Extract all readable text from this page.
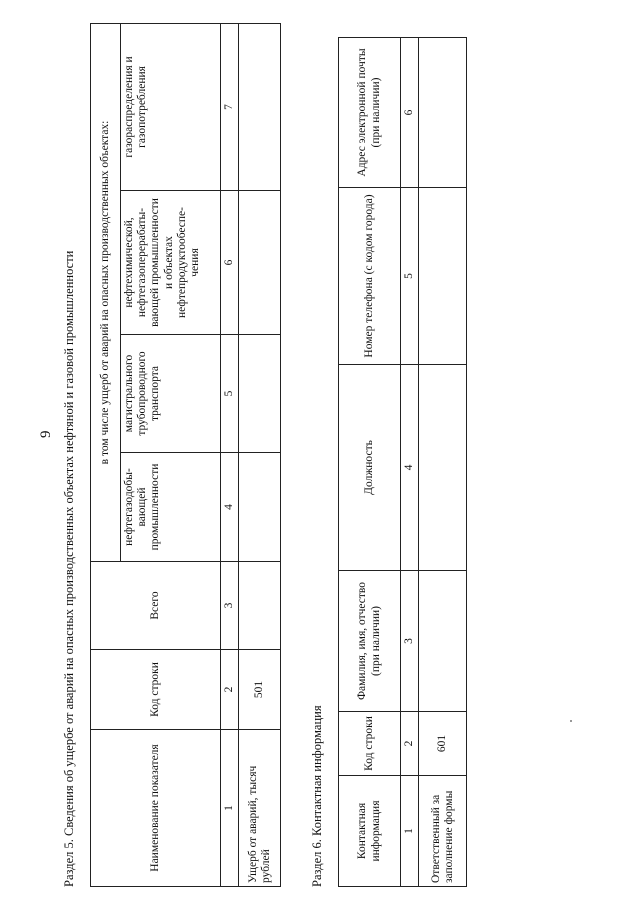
9 Раздел 5. Сведения об ущербе от аварий на опасных производственных объектах нефтяной и газовой промышленности	Наименование показателя	Код строки	Всего	в том числе ущерб от аварий на опасных производственных объектах:			
			нефтегазодобы- вающей промышленности	магистрального трубопроводного транспорта	нефтехимической, нефтегазоперерабаты- вающей промышленности и объектах нефтепродуктообеспе- чения	газораспределения и газопотребления
1	2	3	4	5	6	7
Ущерб от аварий, тысяч рублей	501					
Раздел 6. Контактная информация	Контактная информация	Код строки	Фамилия, имя, отчество (при наличии)	Должность	Номер телефона (с кодом города)	Адрес электронной почты (при наличии)
1	2	3	4	5	6
Ответственный за заполнение формы	601				
